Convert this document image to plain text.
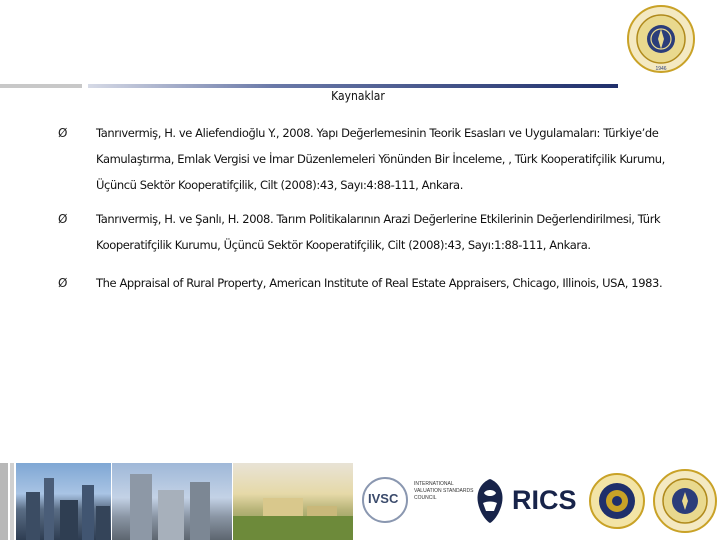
1946
Kaynaklar
Ø	Tanrıvermiş, H. ve Aliefendioğlu Y., 2008. Yapı Değerlemesinin Teorik Esasları ve Uygulamaları: Türkiye’de
Kamulaştırma, Emlak Vergisi ve İmar Düzenlemeleri Yönünden Bir İnceleme, , Türk Kooperatifçilik Kurumu,
Üçüncü Sektör Kooperatifçilik, Cilt (2008):43, Sayı:4:88-111, Ankara.
Ø	Tanrıvermiş, H. ve Şanlı, H. 2008. Tarım Politikalarının Arazi Değerlerine Etkilerinin Değerlendirilmesi, Türk
Kooperatifçilik Kurumu, Üçüncü Sektör Kooperatifçilik, Cilt (2008):43, Sayı:1:88-111, Ankara.
Ø	The Appraisal of Rural Property, American Institute of Real Estate Appraisers, Chicago, Illinois, USA, 1983.
IVSC
INTERNATIONAL VALUATION STANDARDS COUNCIL	RICS
